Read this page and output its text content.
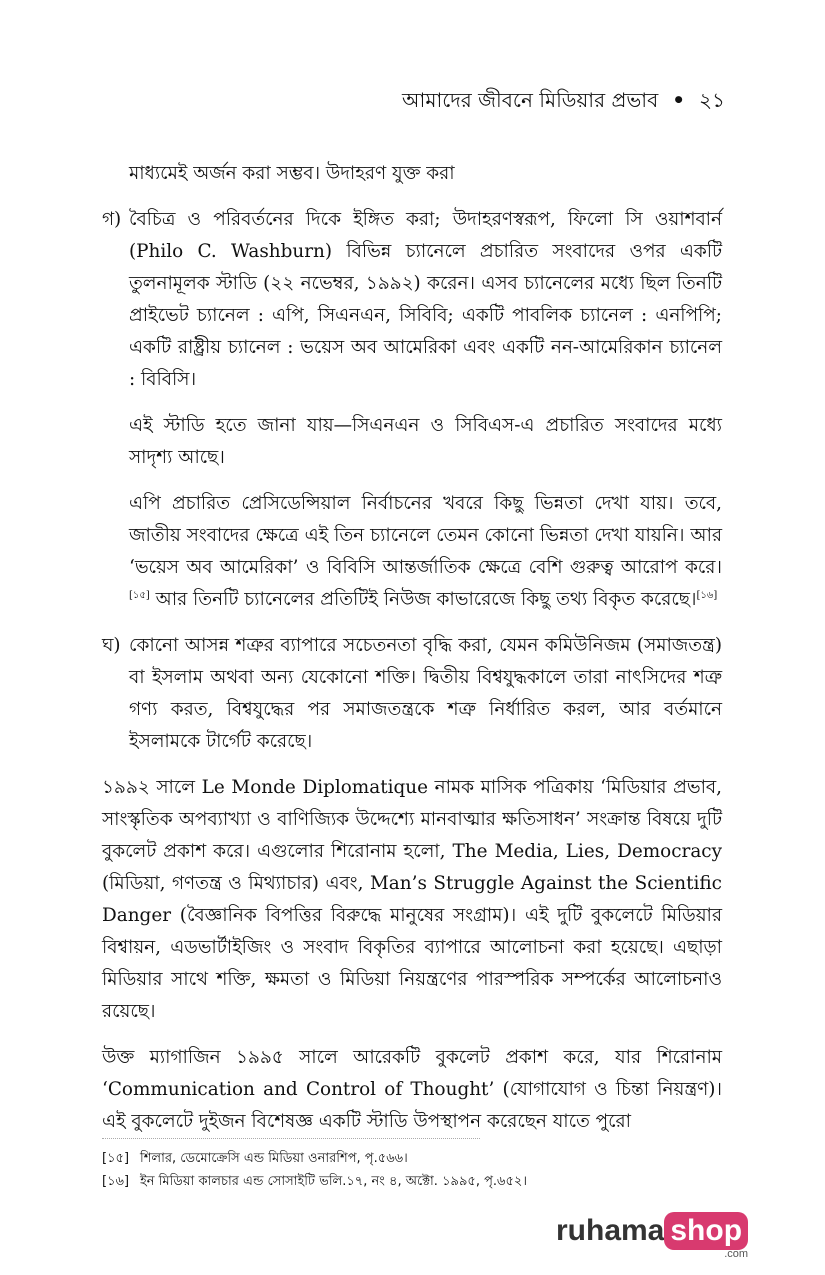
আমাদের জীবনে মিডিয়ার প্রভাব • ২১

মাধ্যমেই অর্জন করা সম্ভব। উদাহরণ যুক্ত করা

গ) বৈচিত্র ও পরিবর্তনের দিকে ইঙ্গিত করা; উদাহরণস্বরূপ, ফিলো সি ওয়াশবার্ন (Philo C. Washburn) বিভিন্ন চ্যানেলে প্রচারিত সংবাদের ওপর একটি তুলনামূলক স্টাডি (২২ নভেম্বর, ১৯৯২) করেন। এসব চ্যানেলের মধ্যে ছিল তিনটি প্রাইভেট চ্যানেল : এপি, সিএনএন, সিবিবি; একটি পাবলিক চ্যানেল : এনপিপি; একটি রাষ্ট্রীয় চ্যানেল : ভয়েস অব আমেরিকা এবং একটি নন-আমেরিকান চ্যানেল : বিবিসি।

এই স্টাডি হতে জানা যায়—সিএনএন ও সিবিএস-এ প্রচারিত সংবাদের মধ্যে সাদৃশ্য আছে।

এপি প্রচারিত প্রেসিডেন্সিয়াল নির্বাচনের খবরে কিছু ভিন্নতা দেখা যায়। তবে, জাতীয় সংবাদের ক্ষেত্রে এই তিন চ্যানেলে তেমন কোনো ভিন্নতা দেখা যায়নি। আর ‘ভয়েস অব আমেরিকা’ ও বিবিসি আন্তর্জাতিক ক্ষেত্রে বেশি গুরুত্ব আরোপ করে।[১৫] আর তিনটি চ্যানেলের প্রতিটিই নিউজ কাভারেজে কিছু তথ্য বিকৃত করেছে।[১৬]

ঘ) কোনো আসন্ন শত্রুর ব্যাপারে সচেতনতা বৃদ্ধি করা, যেমন কমিউনিজম (সমাজতন্ত্র) বা ইসলাম অথবা অন্য যেকোনো শক্তি। দ্বিতীয় বিশ্বযুদ্ধকালে তারা নাৎসিদের শত্রু গণ্য করত, বিশ্বযুদ্ধের পর সমাজতন্ত্রকে শত্রু নির্ধারিত করল, আর বর্তমানে ইসলামকে টার্গেট করেছে।

১৯৯২ সালে Le Monde Diplomatique নামক মাসিক পত্রিকায় ‘মিডিয়ার প্রভাব, সাংস্কৃতিক অপব্যাখ্যা ও বাণিজ্যিক উদ্দেশ্যে মানবাত্মার ক্ষতিসাধন’ সংক্রান্ত বিষয়ে দুটি বুকলেট প্রকাশ করে। এগুলোর শিরোনাম হলো, The Media, Lies, Democracy (মিডিয়া, গণতন্ত্র ও মিথ্যাচার) এবং, Man’s Struggle Against the Scientific Danger (বৈজ্ঞানিক বিপত্তির বিরুদ্ধে মানুষের সংগ্রাম)। এই দুটি বুকলেটে মিডিয়ার বিশ্বায়ন, এডভার্টাইজিং ও সংবাদ বিকৃতির ব্যাপারে আলোচনা করা হয়েছে। এছাড়া মিডিয়ার সাথে শক্তি, ক্ষমতা ও মিডিয়া নিয়ন্ত্রণের পারস্পরিক সম্পর্কের আলোচনাও রয়েছে।

উক্ত ম্যাগাজিন ১৯৯৫ সালে আরেকটি বুকলেট প্রকাশ করে, যার শিরোনাম ‘Communication and Control of Thought’ (যোগাযোগ ও চিন্তা নিয়ন্ত্রণ)। এই বুকলেটে দুইজন বিশেষজ্ঞ একটি স্টাডি উপস্থাপন করেছেন যাতে পুরো

[১৫] শিলার, ডেমোক্রেসি এন্ড মিডিয়া ওনারশিপ, পৃ.৫৬৬।
[১৬] ইন মিডিয়া কালচার এন্ড সোসাইটি ভলি.১৭, নং ৪, অক্টো. ১৯৯৫, পৃ.৬৫২।
ruhama shop
.com
